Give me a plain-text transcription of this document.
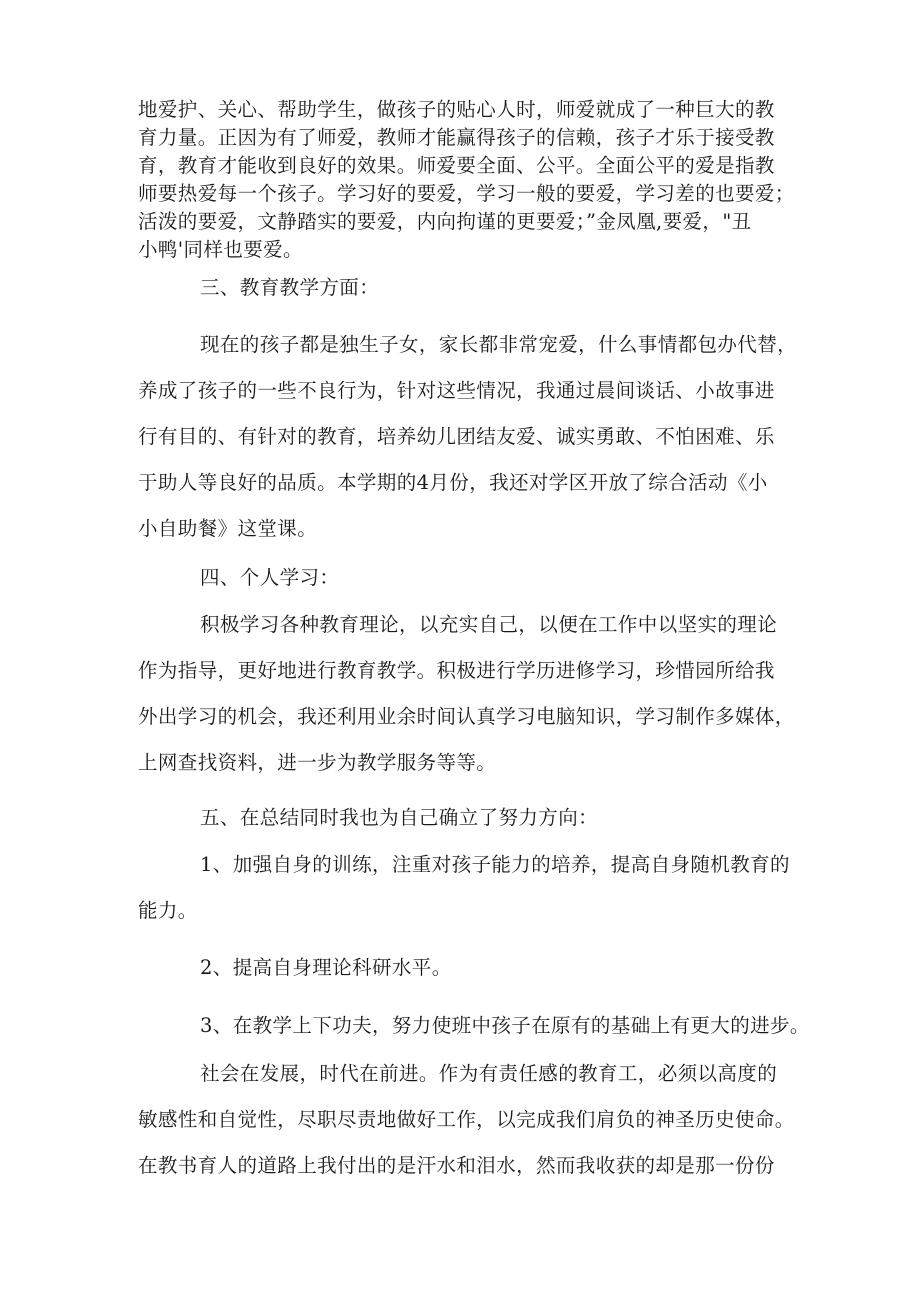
地爱护、关心、帮助学生，做孩子的贴心人时，师爱就成了一种巨大的教
育力量。正因为有了师爱，教师才能赢得孩子的信赖，孩子才乐于接受教
育，教育才能收到良好的效果。师爱要全面、公平。全面公平的爱是指教
师要热爱每一个孩子。学习好的要爱，学习一般的要爱，学习差的也要爱；
活泼的要爱，文静踏实的要爱，内向拘谨的更要爱；”金凤凰,要爱，"丑
小鸭'同样也要爱。
三、教育教学方面：
现在的孩子都是独生子女，家长都非常宠爱，什么事情都包办代替，
养成了孩子的一些不良行为，针对这些情况，我通过晨间谈话、小故事进
行有目的、有针对的教育，培养幼儿团结友爱、诚实勇敢、不怕困难、乐
于助人等良好的品质。本学期的4月份，我还对学区开放了综合活动《小
小自助餐》这堂课。
四、个人学习：
积极学习各种教育理论，以充实自己，以便在工作中以坚实的理论
作为指导，更好地进行教育教学。积极进行学历进修学习，珍惜园所给我
外出学习的机会，我还利用业余时间认真学习电脑知识，学习制作多媒体，
上网查找资料，进一步为教学服务等等。
五、在总结同时我也为自己确立了努力方向：
1、加强自身的训练，注重对孩子能力的培养，提高自身随机教育的
能力。
2、提高自身理论科研水平。
3、在教学上下功夫，努力使班中孩子在原有的基础上有更大的进步。
社会在发展，时代在前进。作为有责任感的教育工，必须以高度的
敏感性和自觉性，尽职尽责地做好工作，以完成我们肩负的神圣历史使命。
在教书育人的道路上我付出的是汗水和泪水，然而我收获的却是那一份份
